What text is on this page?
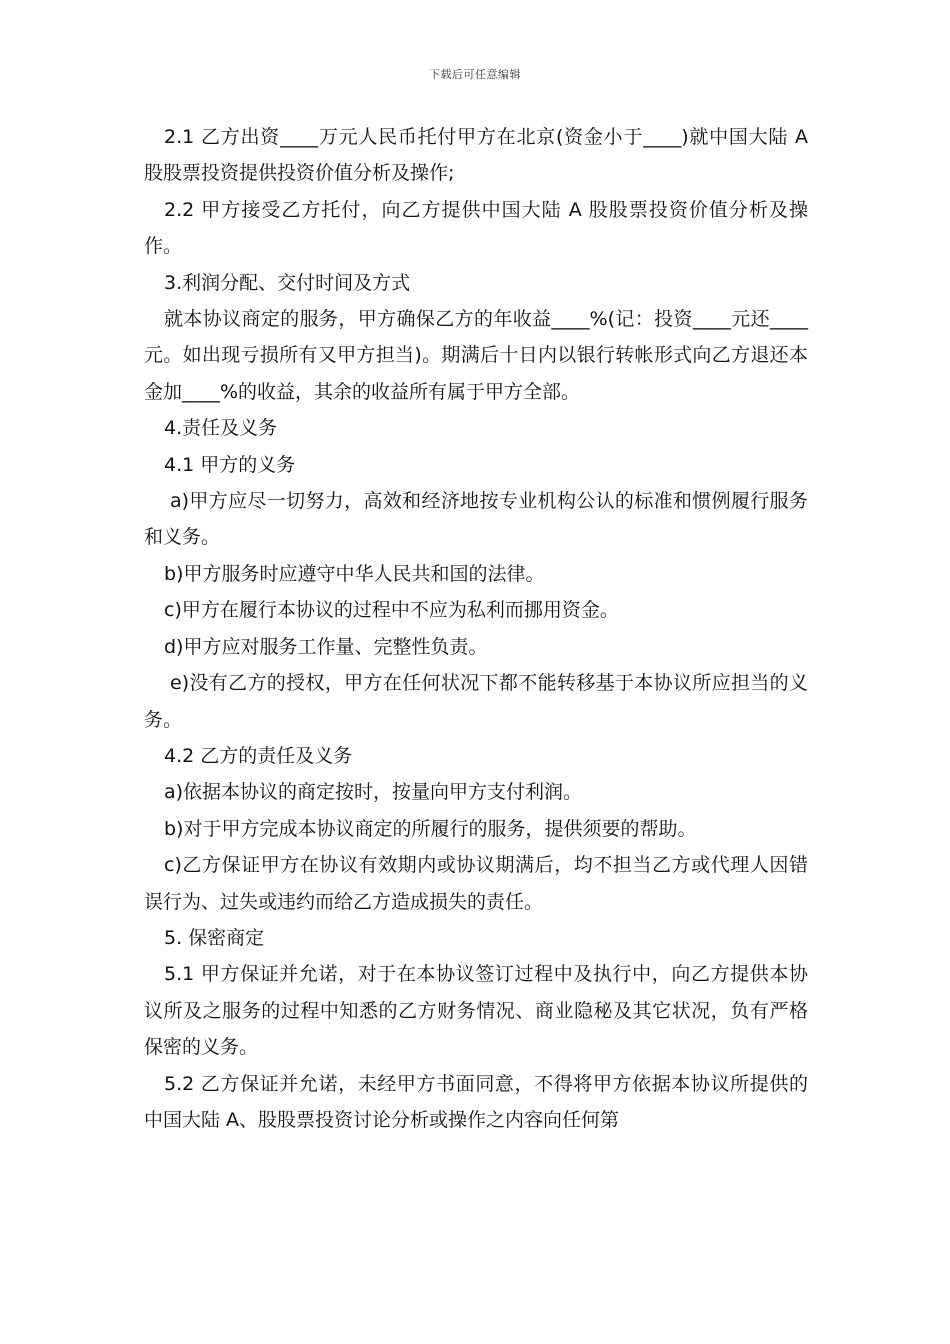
下载后可任意编辑

2.1 乙方出资____万元人民币托付甲方在北京(资金小于____)就中国大陆 A 股股票投资提供投资价值分析及操作;

2.2 甲方接受乙方托付，向乙方提供中国大陆 A 股股票投资价值分析及操作。

3.利润分配、交付时间及方式

就本协议商定的服务，甲方确保乙方的年收益____%(记：投资____元还____元。如出现亏损所有又甲方担当)。期满后十日内以银行转帐形式向乙方退还本金加____%的收益，其余的收益所有属于甲方全部。

4.责任及义务

4.1 甲方的义务

a)甲方应尽一切努力，高效和经济地按专业机构公认的标准和惯例履行服务和义务。

b)甲方服务时应遵守中华人民共和国的法律。

c)甲方在履行本协议的过程中不应为私利而挪用资金。

d)甲方应对服务工作量、完整性负责。

e)没有乙方的授权，甲方在任何状况下都不能转移基于本协议所应担当的义务。

4.2 乙方的责任及义务

a)依据本协议的商定按时，按量向甲方支付利润。

b)对于甲方完成本协议商定的所履行的服务，提供须要的帮助。

c)乙方保证甲方在协议有效期内或协议期满后，均不担当乙方或代理人因错误行为、过失或违约而给乙方造成损失的责任。

5. 保密商定

5.1 甲方保证并允诺，对于在本协议签订过程中及执行中，向乙方提供本协议所及之服务的过程中知悉的乙方财务情况、商业隐秘及其它状况，负有严格保密的义务。

5.2 乙方保证并允诺，未经甲方书面同意，不得将甲方依据本协议所提供的中国大陆 A、股股票投资讨论分析或操作之内容向任何第
